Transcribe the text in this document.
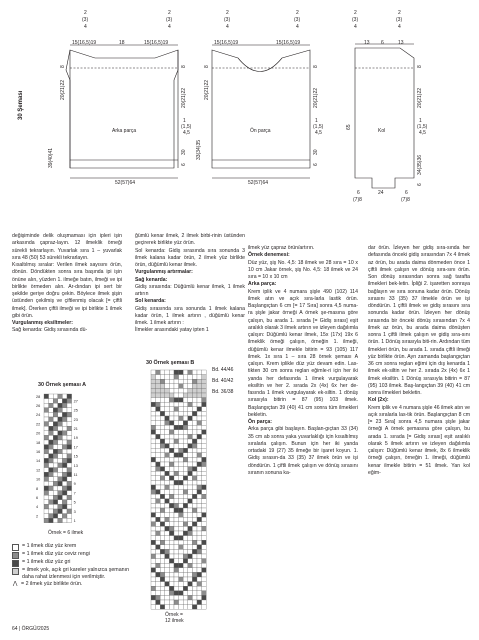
2
(3)
4
2
(3)
4
2
(3)
4
2
(3)
4
2
(3)
4
2
(3)
4
30 Şeması
15(16,5)19	18	15(16,5)19
8
20(21)22
39(40)41
8
20(21)22
1
(1,5)
4,5
30
6
Arka parça
52(57)64
15(16,5)19	15(16,5)19
8
20(21)22
33(34)35
8
20(21)22
1
(1,5)
4,5
30
6
Ön parça
52(57)64
13 6	13
65
8
20(21)22
1
(1,5)
4,5
34(35)36
6
Kol
6
(7)8
24	6
(7)8

değişiminde delik oluşmaması için ipleri işin arkasında çapraz-layın. 12 ilmeklik örneği sürekli tekrarlayın. Yuvarlak sıra 1 – yuvarlak sıra 48 (50) 53 sürekli tekrarlayın.

Kısaltılmış sıralar: Verilen ilmek sayısını örün, dönün. Döndükten sonra sıra başında ipi işin önüne alın, yüzden 1. ilmeğe batın, ilmeği ve ipi birlikte örmeden alın. Ar-dından ipi sert bir şekilde geriye doğru çekin. Böylece ilmek şişin üstünden çekilmiş ve çiftlenmiş olacak [= çiftli ilmek]. Örerken çiftli ilmeği ve ipi birlikte 1 ilmek gibi örün.

Vurgulanmış eksiltmeler:

Sağ kenarda: Gidiş sırasında dü-

ğümlü kenar ilmek, 2 ilmek birbi-rinin üstünden geçirerek birlikte yüz örün.

Sol kenarda: Gidiş sırasında sıra sonunda 3 ilmek kalana kadar örün, 2 ilmek yüz birlikte örün, düğümlü kenar ilmek.

Vurgulanmış artırmalar:

Sağ kenarda:

Gidiş sırasında: Düğümlü kenar ilmek, 1 ilmek artırın

Sol kenarda:

Gidiş sırasında sıra sonunda 1 ilmek kalana kadar örün, 1 ilmek artırın , düğümlü kenar ilmek. 1 ilmek artırın :

İlmekler arasındaki yatay ipten 1

ilmek yüz çapraz örün/artırın.

Örnek denemesi:

Düz yüz, şiş No. 4,5: 18 ilmek ve 28 sıra = 10 x 10 cm Jakar örnek, şiş No. 4,5: 18 ilmek ve 24 sıra = 10 x 10 cm

Arka parça:

Krem iplik ve 4 numara şişle 490 (102) 114 ilmek atın ve açık sıra-larla lastik örün. Başlangıçtan 6 cm [= 17 Sıra] sonra 4,5 numa-ra şişle jakar örneği A örnek şe-masına göre çalışın, bu arada 1. sırada [= Gidiş sırası] eşit aralıklı olarak 3 ilmek artırın ve izleyen dağılımla çalışın: Düğümlü kenar ilmek, 15x (17x) 19x 6 ilmeklik örneği çalışın, örneğin 1. ilmeği, düğümlü kenar ilmekle bitirin = 93 (105) 117 ilmek. 1x sıra 1 – sıra 28 örnek şeması A çalışın. Krem iplikle düz yüz devam edin. Las-tikten 30 cm sonra reglan eğimle-ri için her iki yanda her defasında 1 ilmek vurgulayarak eksiltin ve her 2. sırada 2x (4x) 6x her de-fasında 1 ilmek vurgulayarak ek-siltin. 1 dönüş sırasıyla bitirin = 87 (95) 103 ilmek. Başlangıçtan 39 (40) 41 cm sonra tüm ilmekleri bekletin.

Ön parça:

Arka parça gibi başlayın. Başlan-gıçtan 33 (34) 35 cm ab sonra yaka yuvarlaklığı için kısaltılmış sıralarla çalışın. Bunun için her iki yanda ortadaki 19 (27) 35 ilmeğe bir işaret koyun. 1. Gidiş sırasın-da 33 (35) 37 ilmek örün ve işi döndürün. 1 çiftli ilmek çalışın ve dönüş sırasını sıranın sonuna ka-

dar örün. İzleyen her gidiş sıra-sında her defasında önceki gidiş sırasından 7x 4 ilmek az örün, bu arada daima dönmeden önce 1 çiftli ilmek çalışın ve dönüş sıra-sını örün. Son dönüş sırasından sonra sağ tarafta ilmekleri bek-letin. İpliği 2. işaretten sonraya bağlayın ve sıra sonuna kadar örün. Dönüş sırasını 33 (35) 37 ilmekle örün ve işi döndürün. 1 çiftli ilmek ve gidiş sırasını sıra sonunda kadar örün. İzleyen her dönüş sırasında bir önceki dönüş sırasından 7x 4 ilmek az örün, bu arada daima dönüşten sonra 1 çiftli ilmek çalışın ve gidiş sıra-sını örün. 1 Dönüş sırasıyla biti-rin. Ardından tüm ilmekleri örün, bu arada 1. sırada çiftli ilmeği yüz birlikte örün. Ayrı zamanda başlangıçtan 36 cm sonra reglan eğimi için dış kenarda 1 ilmek ek-siltin ve her 2. sırada 2x (4x) 6x 1 ilmek eksiltin. 1 Dönüş sırasıyla bitirin = 87 (95) 103 ilmek. Baş-langıçtan 39 (40) 41 cm sonra ilmekleri bekletin.

Kol (2x):

Krem iplik ve 4 numara şişle 46 ilmek atın ve açık sıralarla las-tik örün. Başlangıçtan 8 cm [= 23 Sıra] sonra 4,5 numara şişle jakar örneği A örnek şemasına göre çalışın, bu arada 1. sırada [= Gidiş sırası] eşit aralıklı olarak 5 ilmek artırın ve izleyen dağılımla çalışın: Düğümlü kenar ilmek, 8x 6 ilmeklik örneği çalışın, örneğin 1. ilmeği, düğümlü kenar ilmekle bitirin = 51 ilmek. Yan kol eğim-

30 Örnek şeması A
28
27
26
25
24
23
22
21
20
19
18
17
16
15
14
13
12
11
10
9
8
7
6
5
4
3
2
1
Örnek = 6 ilmek
30 Örnek şeması B
Bd. 44/46
Bd. 40/42
Bd. 36/38
Örnek =
12 ilmek
= 1 ilmek düz yüz krem
= 1 ilmek düz yüz ceviz rengi
= 1 ilmek düz yüz gri
= ilmek yok, açık gri kareler yalnızca şemanın daha rahat izlenmesi için verilmiştir.
⋀ = 2 ilmek yüz birlikte örün.
64 | ÖRGÜ/2025
